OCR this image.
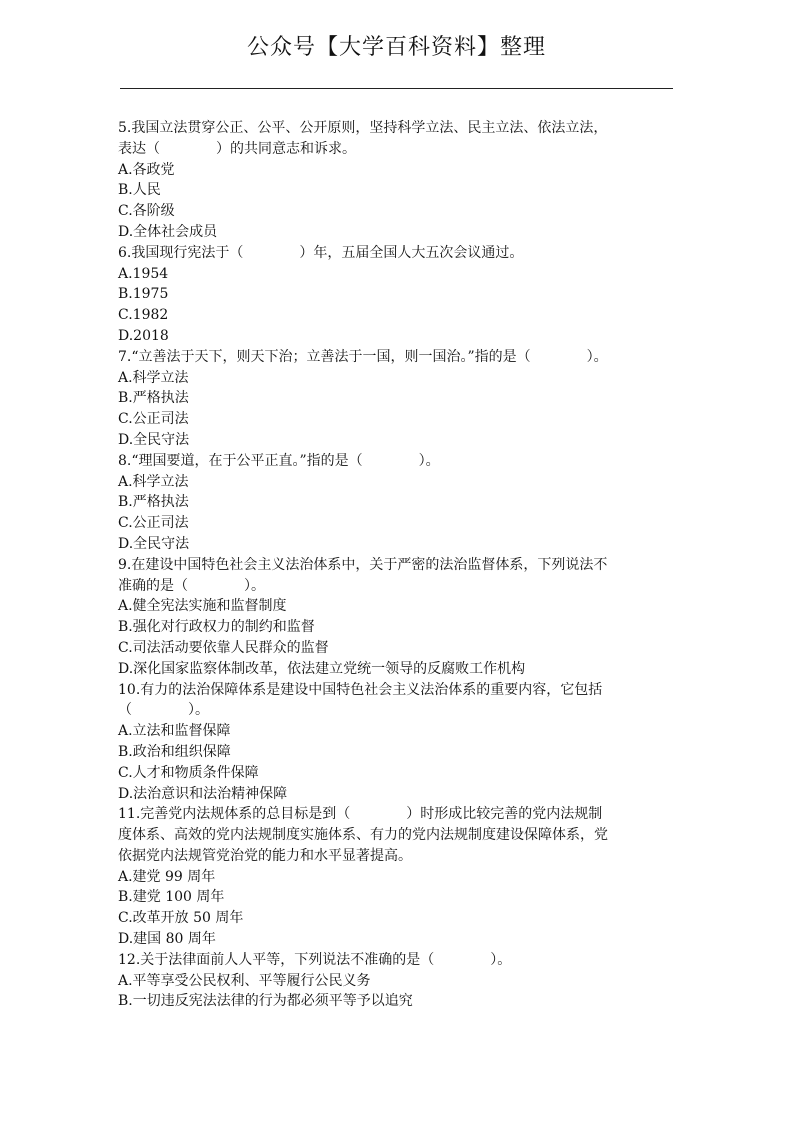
公众号【大学百科资料】整理

5.我国立法贯穿公正、公平、公开原则，坚持科学立法、民主立法、依法立法，

表达（　　　　）的共同意志和诉求。

A.各政党

B.人民

C.各阶级

D.全体社会成员

6.我国现行宪法于（　　　　）年，五届全国人大五次会议通过。

A.1954

B.1975

C.1982

D.2018

7.“立善法于天下，则天下治；立善法于一国，则一国治。”指的是（　　　　）。

A.科学立法

B.严格执法

C.公正司法

D.全民守法

8.“理国要道，在于公平正直。”指的是（　　　　）。

A.科学立法

B.严格执法

C.公正司法

D.全民守法

9.在建设中国特色社会主义法治体系中，关于严密的法治监督体系，下列说法不

准确的是（　　　　）。

A.健全宪法实施和监督制度

B.强化对行政权力的制约和监督

C.司法活动要依靠人民群众的监督

D.深化国家监察体制改革，依法建立党统一领导的反腐败工作机构

10.有力的法治保障体系是建设中国特色社会主义法治体系的重要内容，它包括

（　　　　）。

A.立法和监督保障

B.政治和组织保障

C.人才和物质条件保障

D.法治意识和法治精神保障

11.完善党内法规体系的总目标是到（　　　　）时形成比较完善的党内法规制

度体系、高效的党内法规制度实施体系、有力的党内法规制度建设保障体系，党

依据党内法规管党治党的能力和水平显著提高。

A.建党 99 周年

B.建党 100 周年

C.改革开放 50 周年

D.建国 80 周年

12.关于法律面前人人平等，下列说法不准确的是（　　　　）。

A.平等享受公民权利、平等履行公民义务

B.一切违反宪法法律的行为都必须平等予以追究
